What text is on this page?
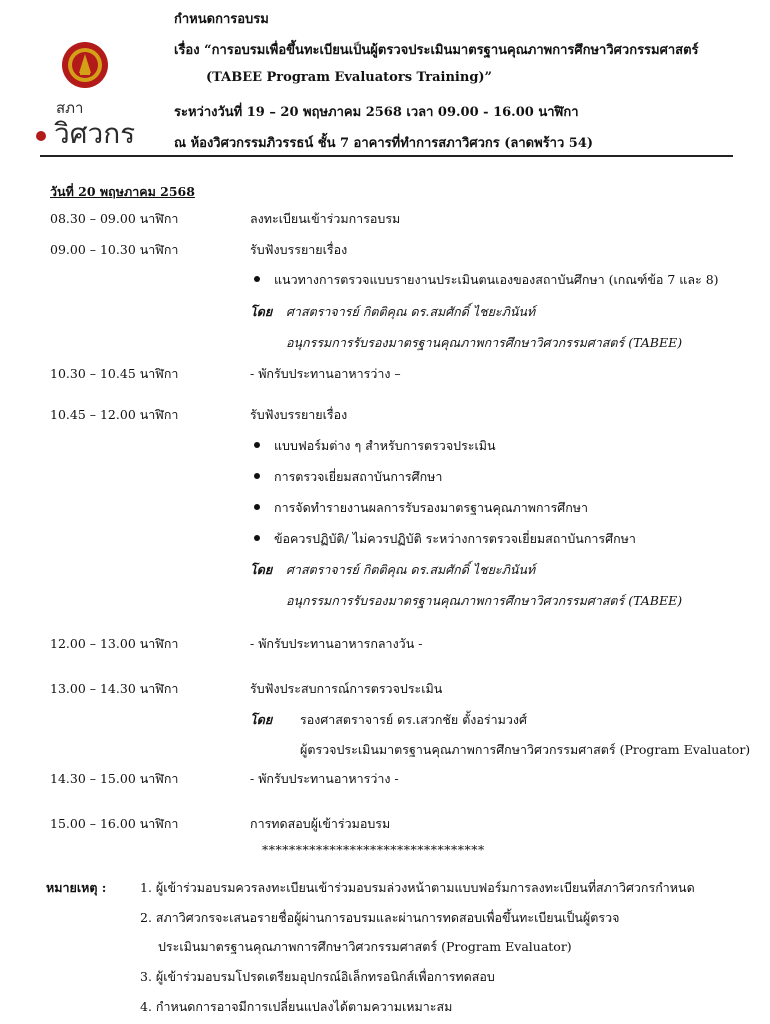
สภา
วิศวกร
กำหนดการอบรม
เรื่อง “การอบรมเพื่อขึ้นทะเบียนเป็นผู้ตรวจประเมินมาตรฐานคุณภาพการศึกษาวิศวกรรมศาสตร์
(TABEE Program Evaluators Training)”
ระหว่างวันที่ 19 – 20 พฤษภาคม 2568 เวลา 09.00 - 16.00 นาฬิกา
ณ ห้องวิศวกรรมภิวรรธน์ ชั้น 7 อาคารที่ทำการสภาวิศวกร (ลาดพร้าว 54)
วันที่ 20 พฤษภาคม 2568
08.30 – 09.00 นาฬิกา	ลงทะเบียนเข้าร่วมการอบรม
09.00 – 10.30 นาฬิกา	รับฟังบรรยายเรื่อง
แนวทางการตรวจแบบรายงานประเมินตนเองของสถาบันศึกษา (เกณฑ์ข้อ 7 และ 8)
โดย ศาสตราจารย์ กิตติคุณ ดร.สมศักดิ์ ไชยะภินันท์
อนุกรรมการรับรองมาตรฐานคุณภาพการศึกษาวิศวกรรมศาสตร์ (TABEE)
10.30 – 10.45 นาฬิกา	- พักรับประทานอาหารว่าง –
10.45 – 12.00 นาฬิกา	รับฟังบรรยายเรื่อง
แบบฟอร์มต่าง ๆ สำหรับการตรวจประเมิน
การตรวจเยี่ยมสถาบันการศึกษา
การจัดทำรายงานผลการรับรองมาตรฐานคุณภาพการศึกษา
ข้อควรปฏิบัติ/ ไม่ควรปฏิบัติ ระหว่างการตรวจเยี่ยมสถาบันการศึกษา
โดย ศาสตราจารย์ กิตติคุณ ดร.สมศักดิ์ ไชยะภินันท์
อนุกรรมการรับรองมาตรฐานคุณภาพการศึกษาวิศวกรรมศาสตร์ (TABEE)
12.00 – 13.00 นาฬิกา	- พักรับประทานอาหารกลางวัน -
13.00 – 14.30 นาฬิกา	รับฟังประสบการณ์การตรวจประเมิน
โดย รองศาสตราจารย์ ดร.เสวกชัย ตั้งอร่ามวงศ์
ผู้ตรวจประเมินมาตรฐานคุณภาพการศึกษาวิศวกรรมศาสตร์ (Program Evaluator)
14.30 – 15.00 นาฬิกา	- พักรับประทานอาหารว่าง -
15.00 – 16.00 นาฬิกา	การทดสอบผู้เข้าร่วมอบรม
*********************************
หมายเหตุ :	1. ผู้เข้าร่วมอบรมควรลงทะเบียนเข้าร่วมอบรมล่วงหน้าตามแบบฟอร์มการลงทะเบียนที่สภาวิศวกรกำหนด
2. สภาวิศวกรจะเสนอรายชื่อผู้ผ่านการอบรมและผ่านการทดสอบเพื่อขึ้นทะเบียนเป็นผู้ตรวจ
ประเมินมาตรฐานคุณภาพการศึกษาวิศวกรรมศาสตร์ (Program Evaluator)
3. ผู้เข้าร่วมอบรมโปรดเตรียมอุปกรณ์อิเล็กทรอนิกส์เพื่อการทดสอบ
4. กำหนดการอาจมีการเปลี่ยนแปลงได้ตามความเหมาะสม
